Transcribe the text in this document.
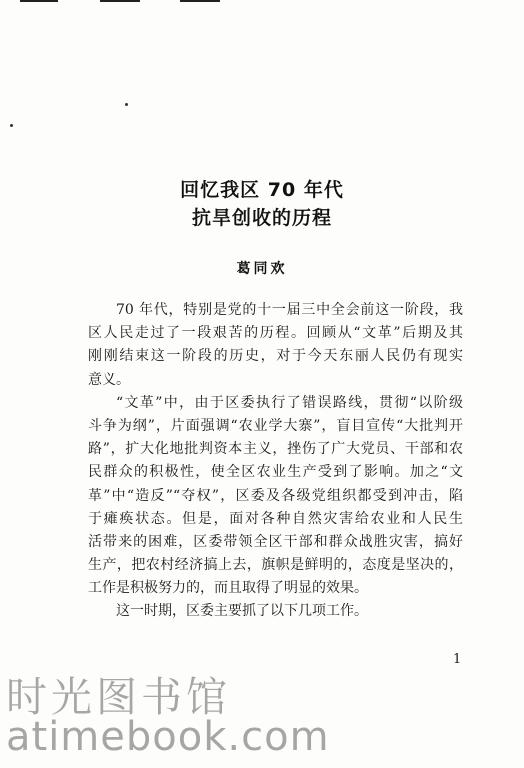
回忆我区 70 年代
抗旱创收的历程
葛同欢
70 年代，特别是党的十一届三中全会前这一阶段，我
区人民走过了一段艰苦的历程。回顾从“文革”后期及其
刚刚结束这一阶段的历史，对于今天东丽人民仍有现实
意义。
“文革”中，由于区委执行了错误路线，贯彻“以阶级
斗争为纲”，片面强调“农业学大寨”，盲目宣传“大批判开
路”，扩大化地批判资本主义，挫伤了广大党员、干部和农
民群众的积极性，使全区农业生产受到了影响。加之“文
革”中“造反”“夺权”，区委及各级党组织都受到冲击，陷
于瘫痪状态。但是，面对各种自然灾害给农业和人民生
活带来的困难，区委带领全区干部和群众战胜灾害，搞好
生产，把农村经济搞上去，旗帜是鲜明的，态度是坚决的，
工作是积极努力的，而且取得了明显的效果。
这一时期，区委主要抓了以下几项工作。
1
时光图书馆
atimebook.com
